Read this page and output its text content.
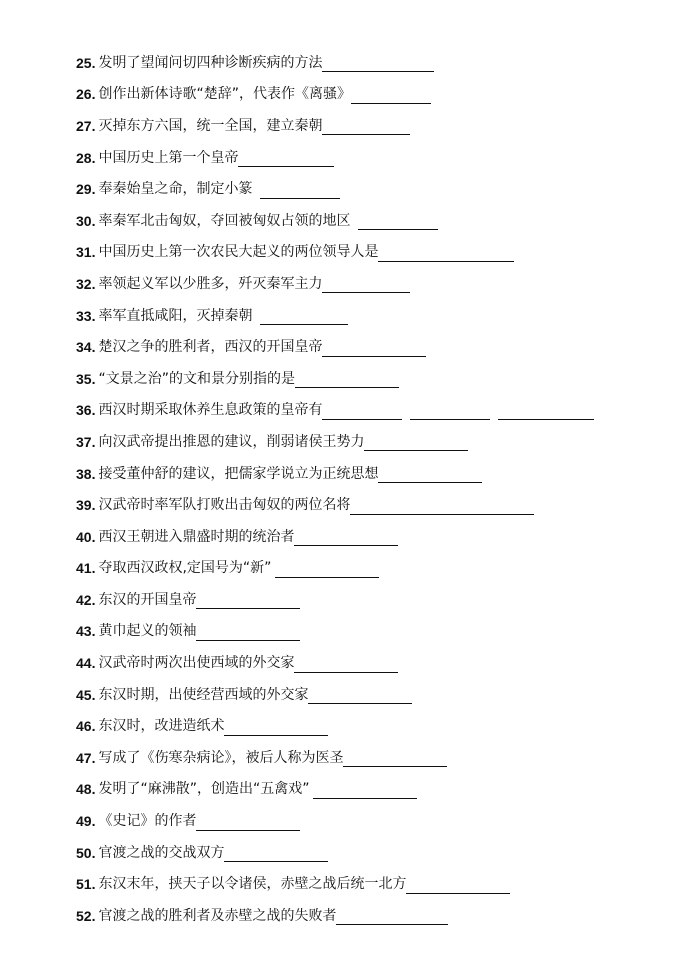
25. 发明了望闻问切四种诊断疾病的方法
26. 创作出新体诗歌“楚辞”，代表作《离骚》
27. 灭掉东方六国，统一全国，建立秦朝
28. 中国历史上第一个皇帝
29. 奉秦始皇之命，制定小篆
30. 率秦军北击匈奴，夺回被匈奴占领的地区
31. 中国历史上第一次农民大起义的两位领导人是
32. 率领起义军以少胜多，歼灭秦军主力
33. 率军直抵咸阳，灭掉秦朝
34. 楚汉之争的胜利者，西汉的开国皇帝
35. “文景之治”的文和景分别指的是
36. 西汉时期采取休养生息政策的皇帝有
37. 向汉武帝提出推恩的建议，削弱诸侯王势力
38. 接受董仲舒的建议，把儒家学说立为正统思想
39. 汉武帝时率军队打败出击匈奴的两位名将
40. 西汉王朝进入鼎盛时期的统治者
41. 夺取西汉政权,定国号为“新”
42. 东汉的开国皇帝
43. 黄巾起义的领袖
44. 汉武帝时两次出使西域的外交家
45. 东汉时期，出使经营西域的外交家
46. 东汉时，改进造纸术
47. 写成了《伤寒杂病论》，被后人称为医圣
48. 发明了“麻沸散”，创造出“五禽戏”
49. 《史记》的作者
50. 官渡之战的交战双方
51. 东汉末年，挟天子以令诸侯，赤壁之战后统一北方
52. 官渡之战的胜利者及赤壁之战的失败者
